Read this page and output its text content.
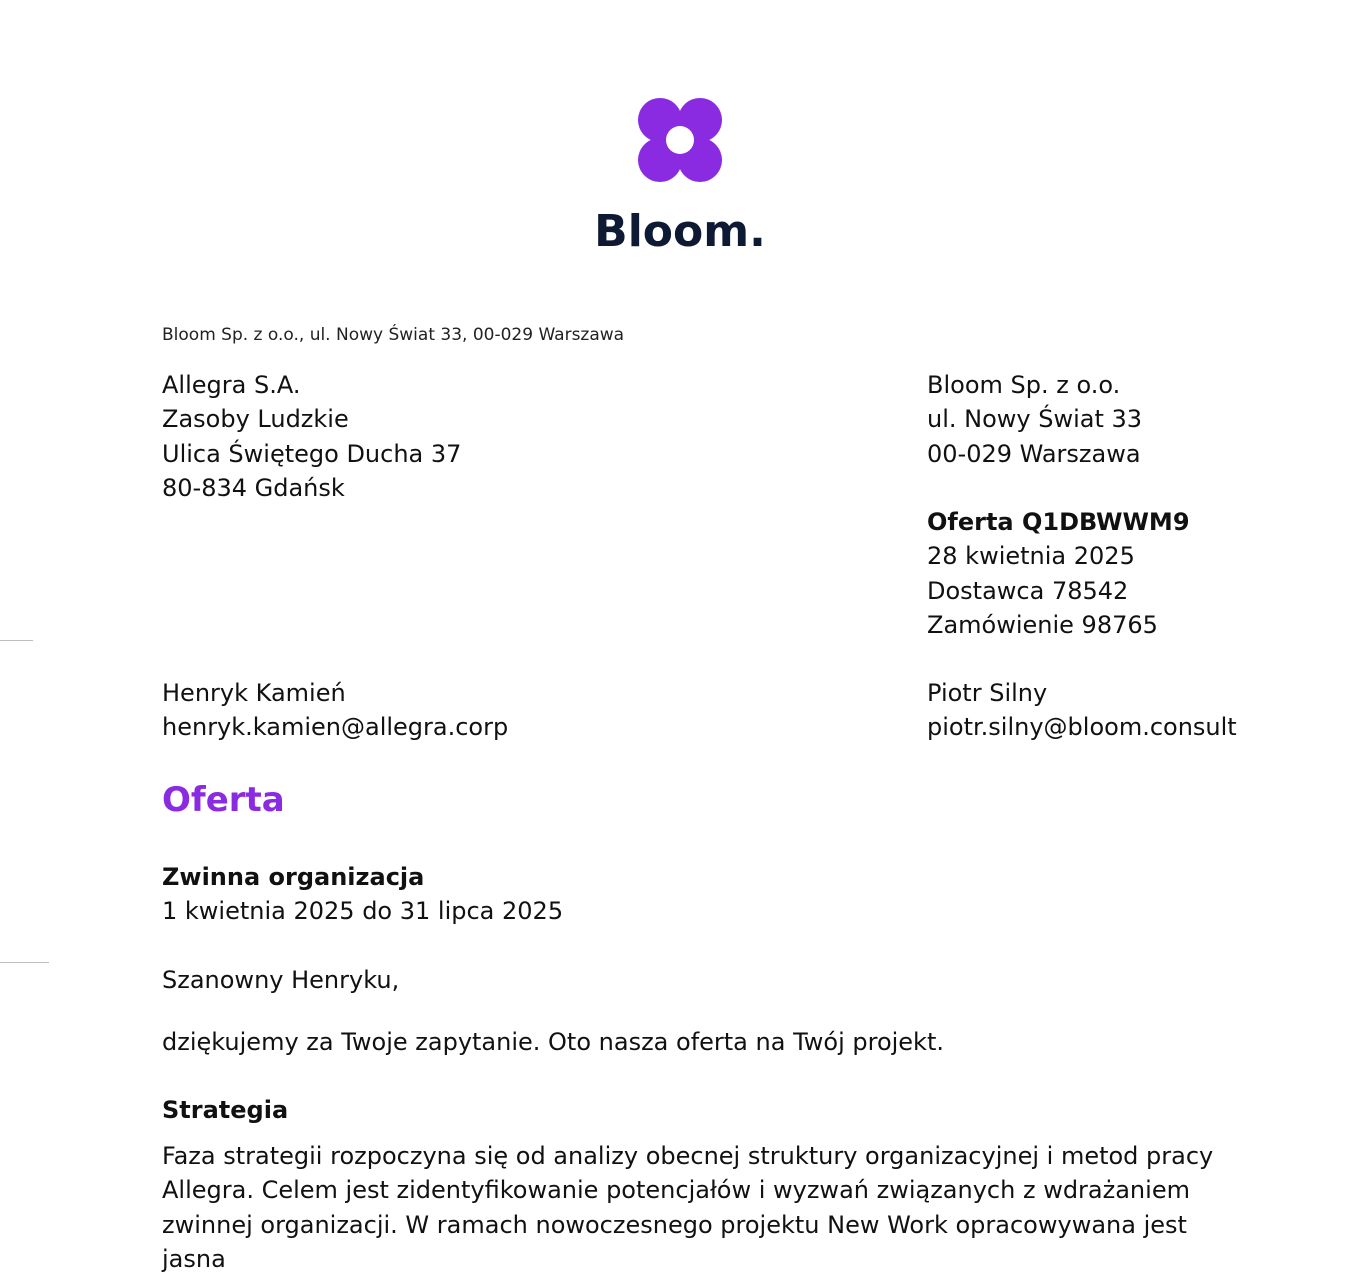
Bloom.
Bloom Sp. z o.o., ul. Nowy Świat 33, 00-029 Warszawa
Allegra S.A.
Zasoby Ludzkie
Ulica Świętego Ducha 37
80-834 Gdańsk
Bloom Sp. z o.o.
ul. Nowy Świat 33
00-029 Warszawa
Oferta Q1DBWWM9
28 kwietnia 2025
Dostawca 78542
Zamówienie 98765
Henryk Kamień
henryk.kamien@allegra.corp
Piotr Silny
piotr.silny@bloom.consult
Oferta
Zwinna organizacja
1 kwietnia 2025 do 31 lipca 2025
Szanowny Henryku,
dziękujemy za Twoje zapytanie. Oto nasza oferta na Twój projekt.
Strategia

Faza strategii rozpoczyna się od analizy obecnej struktury organizacyjnej i metod pracy Allegra. Celem jest zidentyfikowanie potencjałów i wyzwań związanych z wdrażaniem zwinnej organizacji. W ramach nowoczesnego projektu New Work opracowywana jest jasna
